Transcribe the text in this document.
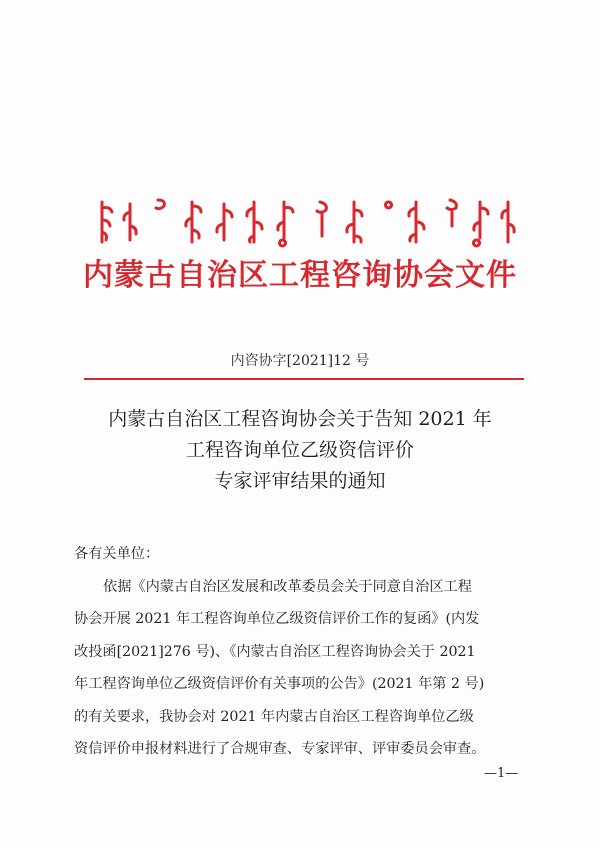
内蒙古自治区工程咨询协会文件
内咨协字[2021]12 号
内蒙古自治区工程咨询协会关于告知 2021 年
工程咨询单位乙级资信评价
专家评审结果的通知
各有关单位：
依据《内蒙古自治区发展和改革委员会关于同意自治区工程
协会开展 2021 年工程咨询单位乙级资信评价工作的复函》(内发
改投函[2021]276 号)、《内蒙古自治区工程咨询协会关于 2021
年工程咨询单位乙级资信评价有关事项的公告》(2021 年第 2 号)
的有关要求，我协会对 2021 年内蒙古自治区工程咨询单位乙级
资信评价申报材料进行了合规审查、专家评审、评审委员会审查。
—1—
